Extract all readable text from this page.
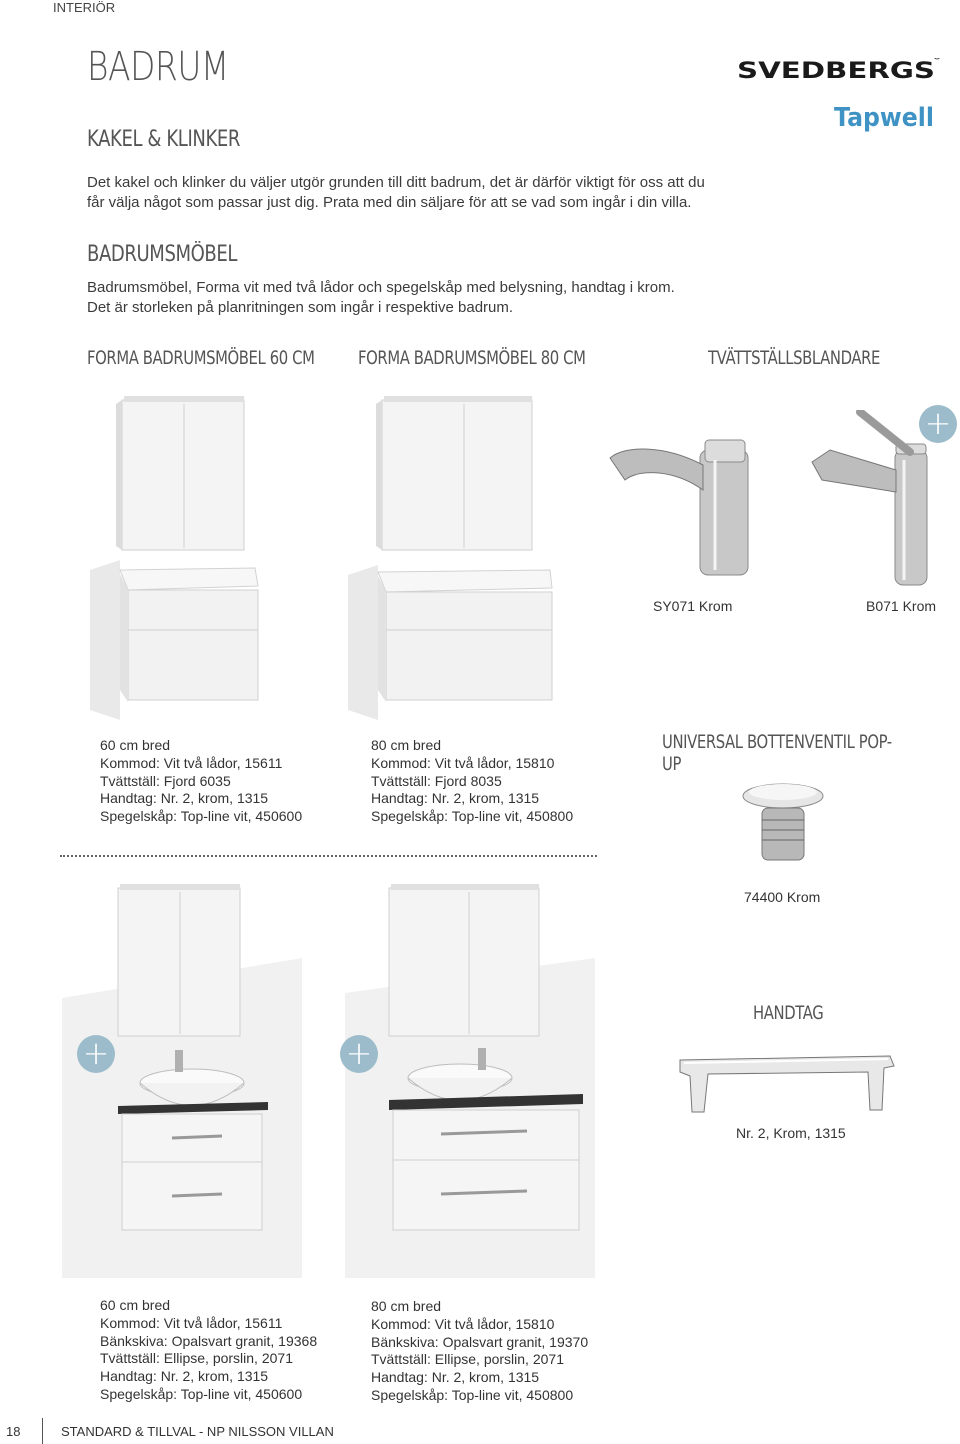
INTERIÖR
BADRUM	SVEDBERGS
Tapwell
KAKEL & KLINKER
Det kakel och klinker du väljer utgör grunden till ditt badrum, det är därför viktigt för oss att du
får välja något som passar just dig. Prata med din säljare för att se vad som ingår i din villa.
BADRUMSMÖBEL
Badrumsmöbel, Forma vit med två lådor och spegelskåp med belysning, handtag i krom.
Det är storleken på planritningen som ingår i respektive badrum.
FORMA BADRUMSMÖBEL 60 CM FORMA BADRUMSMÖBEL 80 CM	TVÄTTSTÄLLSBLANDARE
+
SY071 Krom	B071 Krom
60 cm bred
Kommod: Vit två lådor, 15611
Tvättställ: Fjord 6035
Handtag: Nr. 2, krom, 1315
Spegelskåp: Top-line vit, 450600
80 cm bred
Kommod: Vit två lådor, 15810
Tvättställ: Fjord 8035
Handtag: Nr. 2, krom, 1315
Spegelskåp: Top-line vit, 450800
UNIVERSAL BOTTENVENTIL POP-UP
74400 Krom
+	+
HANDTAG
Nr. 2, Krom, 1315
60 cm bred
Kommod: Vit två lådor, 15611
Bänkskiva: Opalsvart granit, 19368
Tvättställ: Ellipse, porslin, 2071
Handtag: Nr. 2, krom, 1315
Spegelskåp: Top-line vit, 450600
80 cm bred
Kommod: Vit två lådor, 15810
Bänkskiva: Opalsvart granit, 19370
Tvättställ: Ellipse, porslin, 2071
Handtag: Nr. 2, krom, 1315
Spegelskåp: Top-line vit, 450800
18	STANDARD & TILLVAL - NP NILSSON VILLAN
